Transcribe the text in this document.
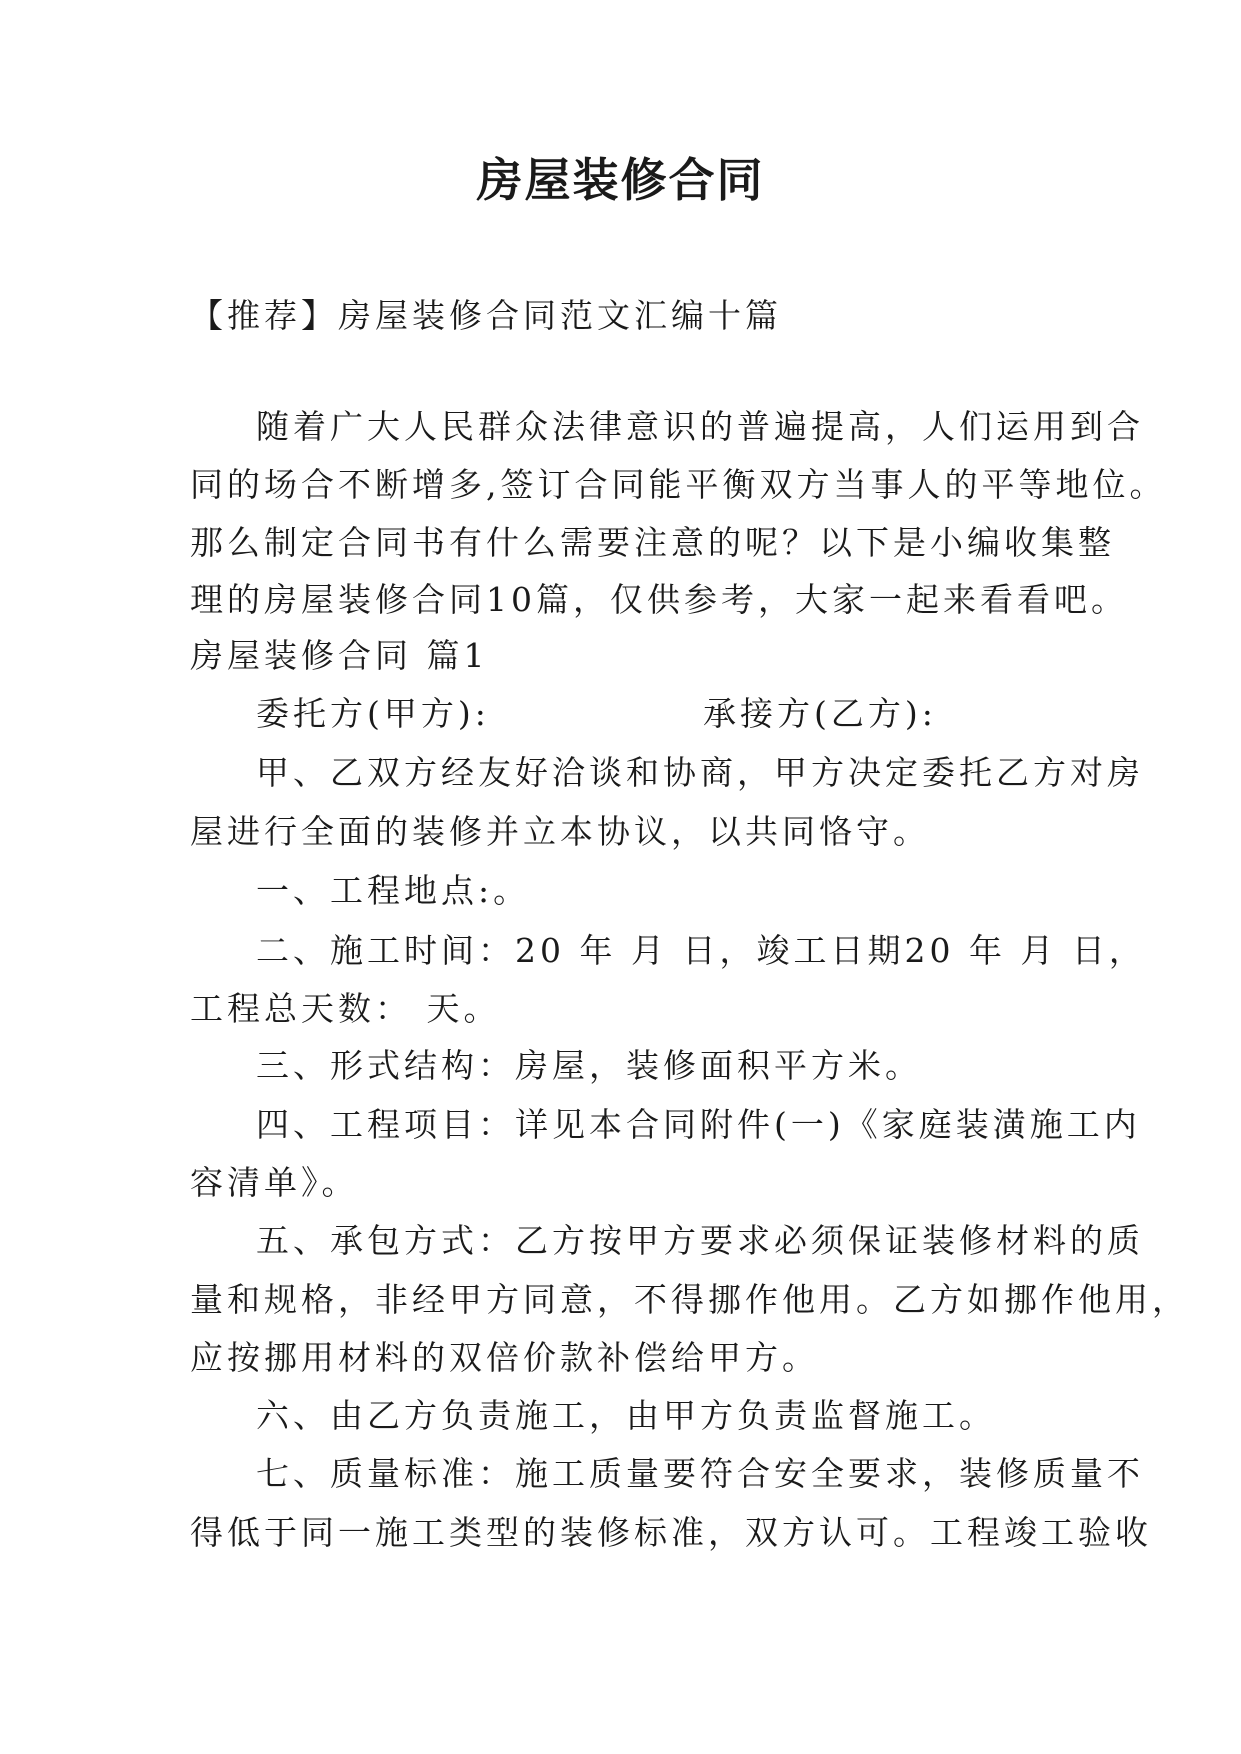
房屋装修合同
【推荐】房屋装修合同范文汇编十篇
随着广大人民群众法律意识的普遍提高，人们运用到合
同的场合不断增多,签订合同能平衡双方当事人的平等地位。
那么制定合同书有什么需要注意的呢？以下是小编收集整
理的房屋装修合同10篇，仅供参考，大家一起来看看吧。
房屋装修合同 篇1
委托方(甲方):	承接方(乙方):
甲、乙双方经友好洽谈和协商，甲方决定委托乙方对房
屋进行全面的装修并立本协议，以共同恪守。
一、工程地点:。
二、施工时间：20 年 月 日，竣工日期20 年 月 日，
工程总天数： 天。
三、形式结构：房屋，装修面积平方米。
四、工程项目：详见本合同附件(一)《家庭装潢施工内
容清单》。
五、承包方式：乙方按甲方要求必须保证装修材料的质
量和规格，非经甲方同意，不得挪作他用。乙方如挪作他用，
应按挪用材料的双倍价款补偿给甲方。
六、由乙方负责施工，由甲方负责监督施工。
七、质量标准：施工质量要符合安全要求，装修质量不
得低于同一施工类型的装修标准，双方认可。工程竣工验收
